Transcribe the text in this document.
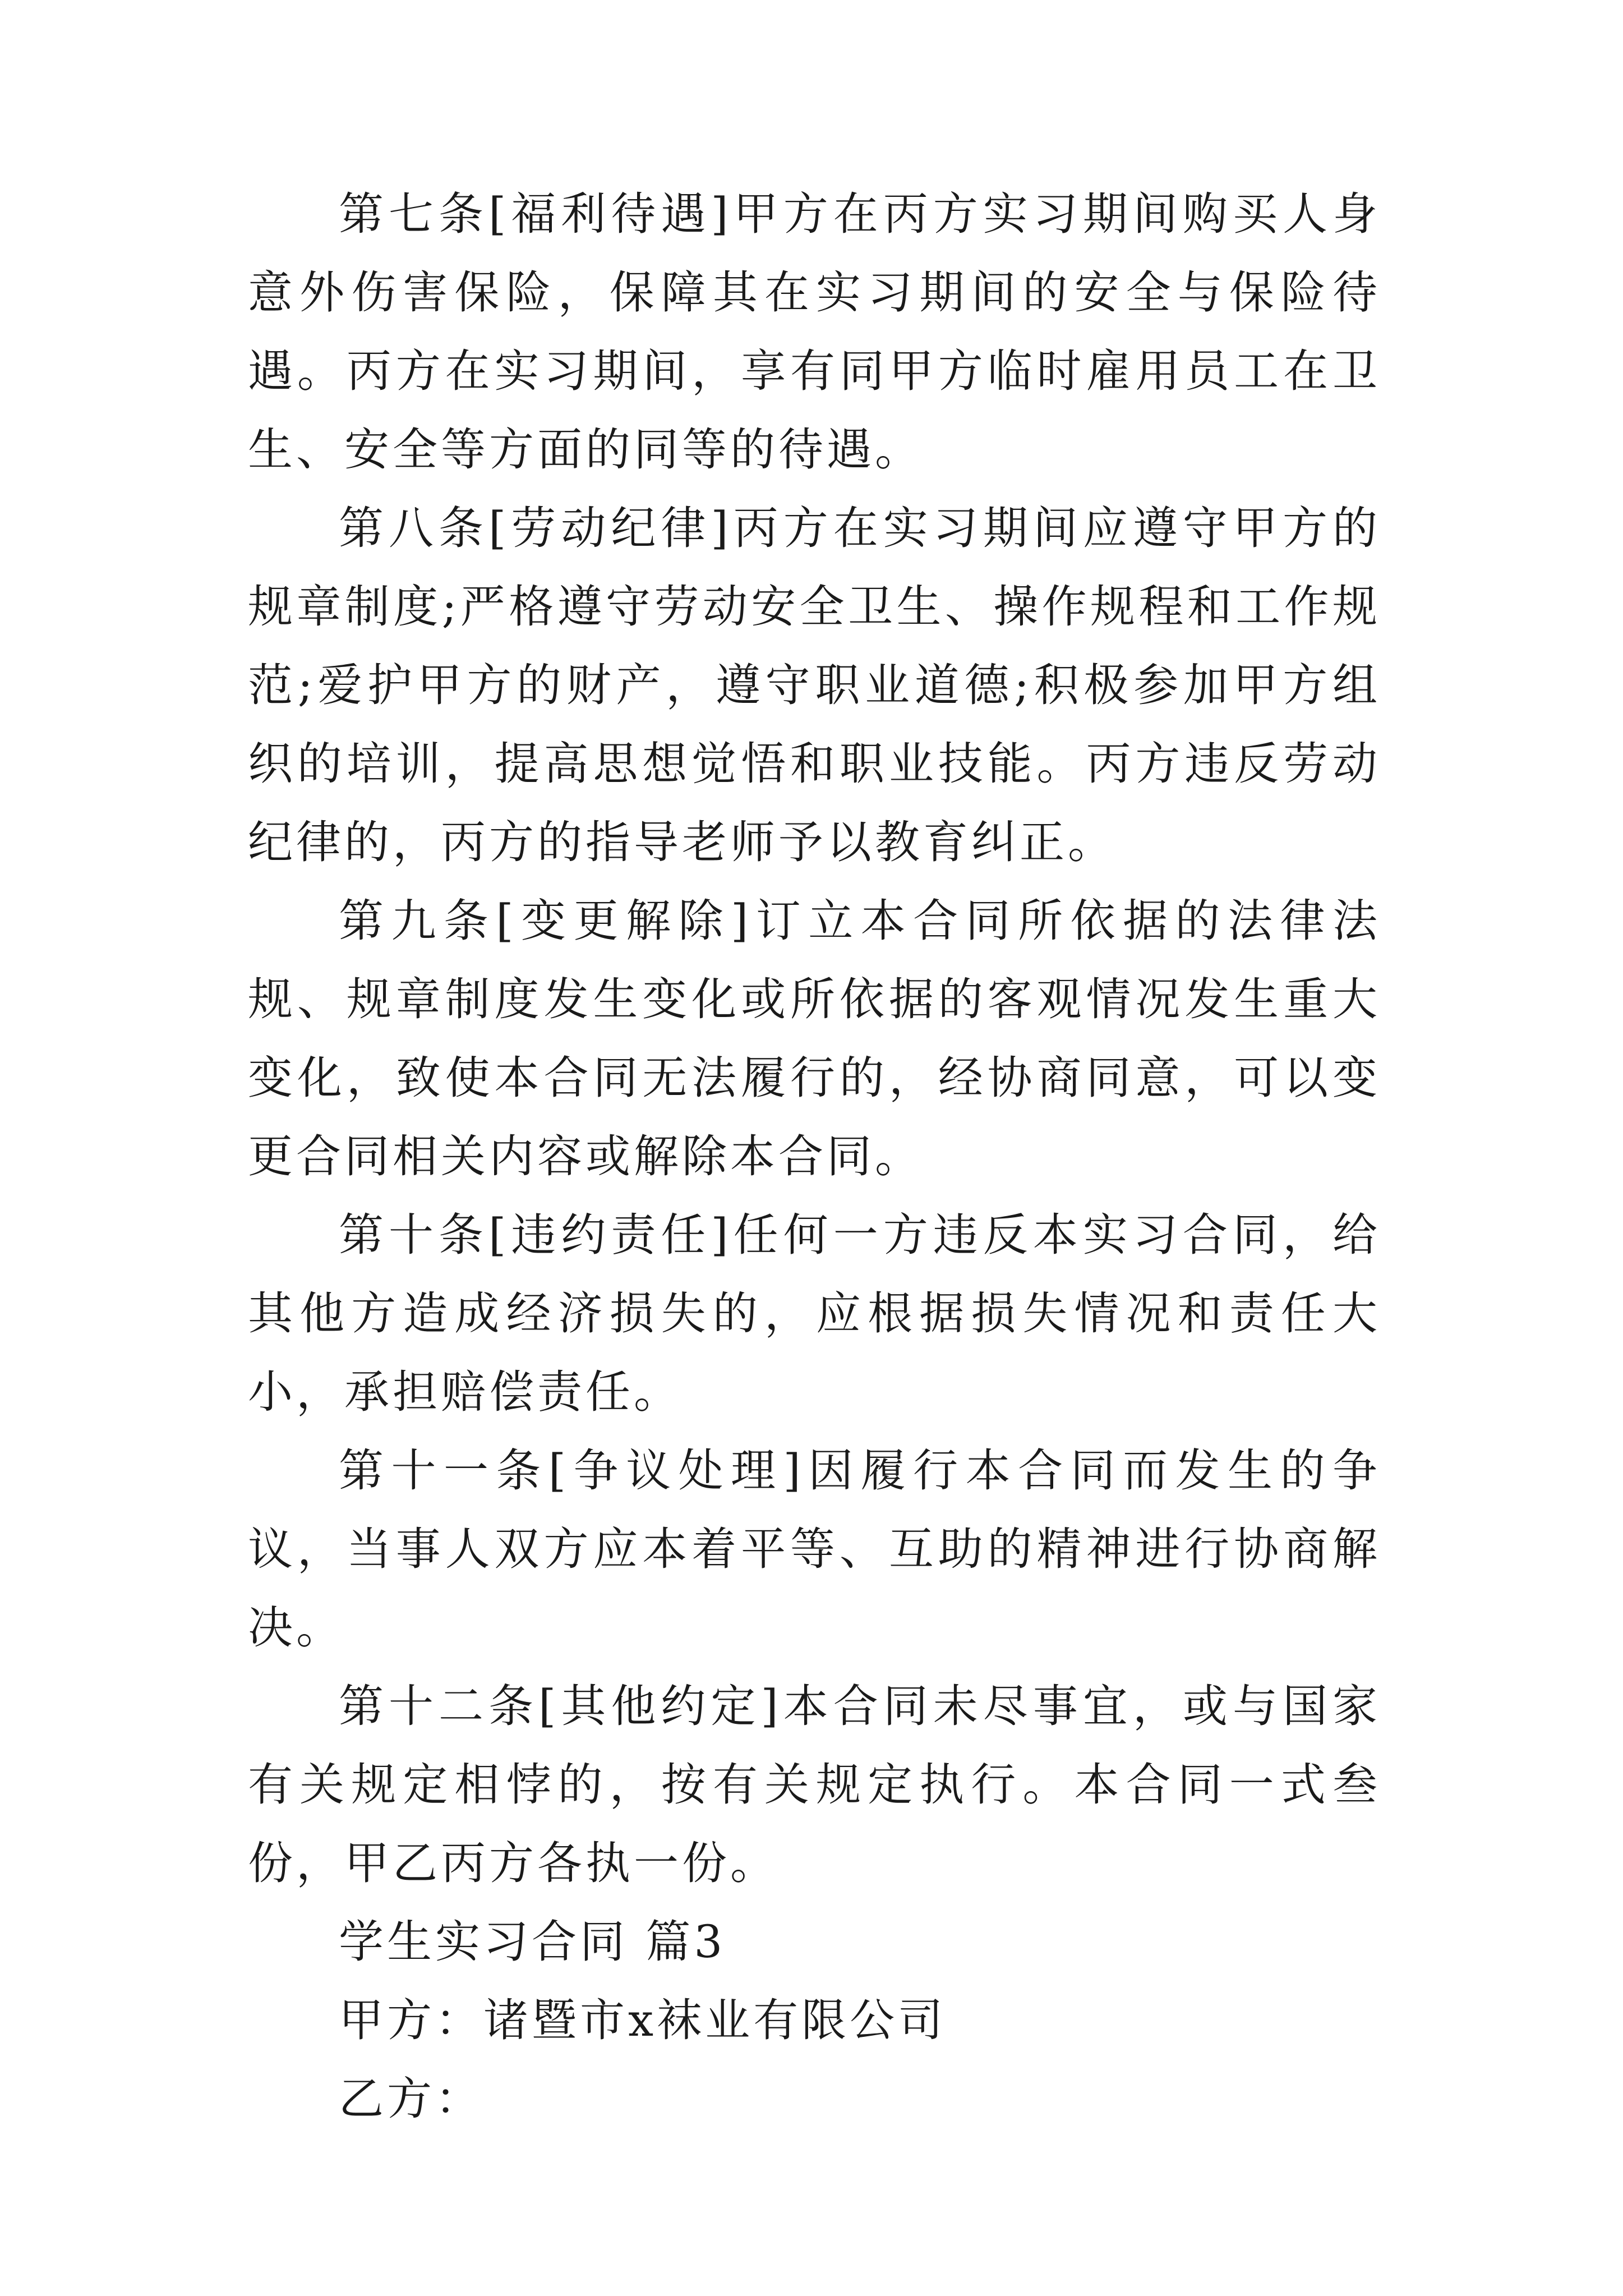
第七条[福利待遇]甲方在丙方实习期间购买人身意外伤害保险，保障其在实习期间的安全与保险待遇。丙方在实习期间，享有同甲方临时雇用员工在卫生、安全等方面的同等的待遇。

第八条[劳动纪律]丙方在实习期间应遵守甲方的规章制度;严格遵守劳动安全卫生、操作规程和工作规范;爱护甲方的财产，遵守职业道德;积极参加甲方组织的培训，提高思想觉悟和职业技能。丙方违反劳动纪律的，丙方的指导老师予以教育纠正。

第九条[变更解除]订立本合同所依据的法律法规、规章制度发生变化或所依据的客观情况发生重大变化，致使本合同无法履行的，经协商同意，可以变更合同相关内容或解除本合同。

第十条[违约责任]任何一方违反本实习合同，给其他方造成经济损失的，应根据损失情况和责任大小，承担赔偿责任。

第十一条[争议处理]因履行本合同而发生的争议，当事人双方应本着平等、互助的精神进行协商解决。

第十二条[其他约定]本合同未尽事宜，或与国家有关规定相悖的，按有关规定执行。本合同一式叁份，甲乙丙方各执一份。

学生实习合同 篇3

甲方：诸暨市x袜业有限公司

乙方：
